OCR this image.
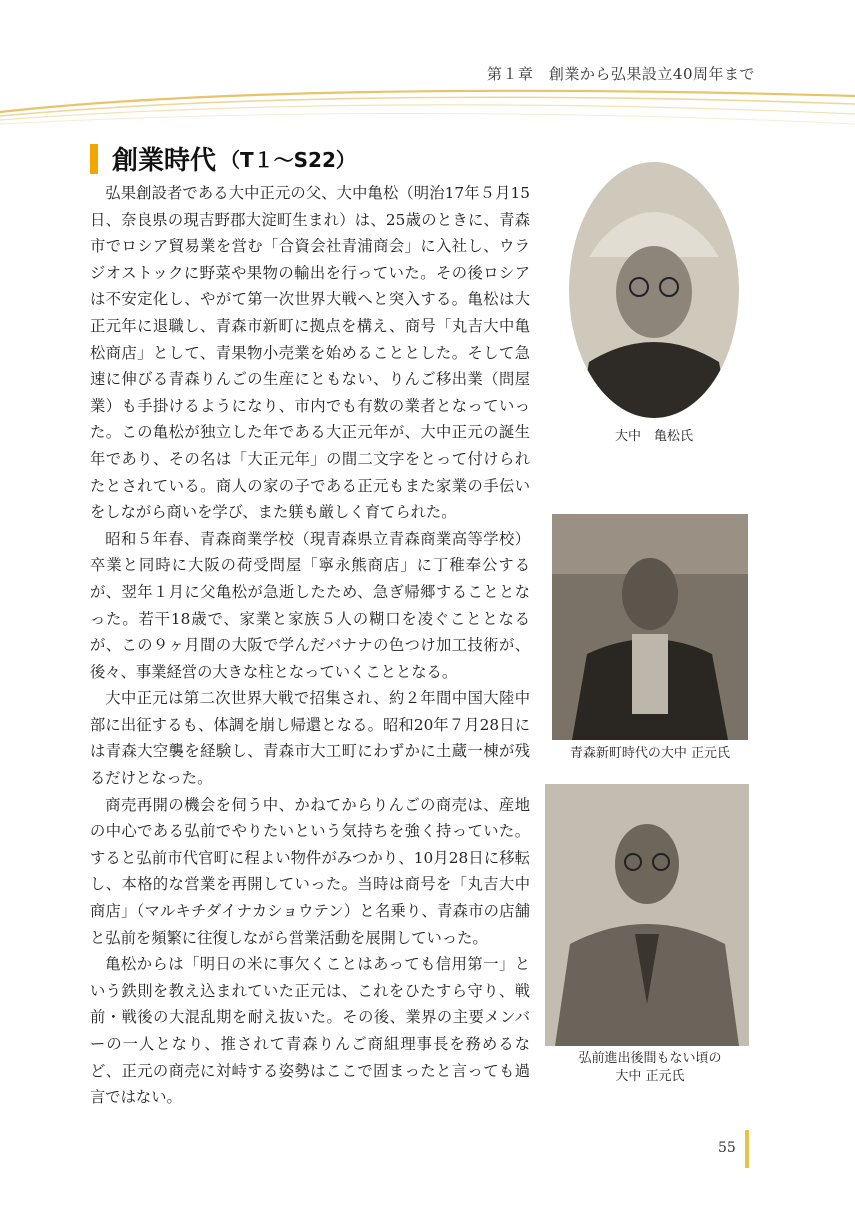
第１章　創業から弘果設立40周年まで
創業時代 （T１〜S22）

弘果創設者である大中正元の父、大中亀松（明治17年５月15日、奈良県の現吉野郡大淀町生まれ）は、25歳のときに、青森市でロシア貿易業を営む「合資会社青浦商会」に入社し、ウラジオストックに野菜や果物の輸出を行っていた。その後ロシアは不安定化し、やがて第一次世界大戦へと突入する。亀松は大正元年に退職し、青森市新町に拠点を構え、商号「丸吉大中亀松商店」として、青果物小売業を始めることとした。そして急速に伸びる青森りんごの生産にともない、りんご移出業（問屋業）も手掛けるようになり、市内でも有数の業者となっていった。この亀松が独立した年である大正元年が、大中正元の誕生年であり、その名は「大正元年」の間二文字をとって付けられたとされている。商人の家の子である正元もまた家業の手伝いをしながら商いを学び、また躾も厳しく育てられた。

昭和５年春、青森商業学校（現青森県立青森商業高等学校）卒業と同時に大阪の荷受問屋「寧永熊商店」に丁稚奉公するが、翌年１月に父亀松が急逝したため、急ぎ帰郷することとなった。若干18歳で、家業と家族５人の糊口を凌ぐこととなるが、この９ヶ月間の大阪で学んだバナナの色つけ加工技術が、後々、事業経営の大きな柱となっていくこととなる。

大中正元は第二次世界大戦で招集され、約２年間中国大陸中部に出征するも、体調を崩し帰還となる。昭和20年７月28日には青森大空襲を経験し、青森市大工町にわずかに土蔵一棟が残るだけとなった。

商売再開の機会を伺う中、かねてからりんごの商売は、産地の中心である弘前でやりたいという気持ちを強く持っていた。すると弘前市代官町に程よい物件がみつかり、10月28日に移転し、本格的な営業を再開していった。当時は商号を「丸吉大中商店」（マルキチダイナカショウテン）と名乗り、青森市の店舗と弘前を頻繁に往復しながら営業活動を展開していった。

亀松からは「明日の米に事欠くことはあっても信用第一」という鉄則を教え込まれていた正元は、これをひたすら守り、戦前・戦後の大混乱期を耐え抜いた。その後、業界の主要メンバーの一人となり、推されて青森りんご商組理事長を務めるなど、正元の商売に対峙する姿勢はここで固まったと言っても過言ではない。

大中　亀松氏
青森新町時代の大中 正元氏
弘前進出後間もない頃の
大中 正元氏
55
